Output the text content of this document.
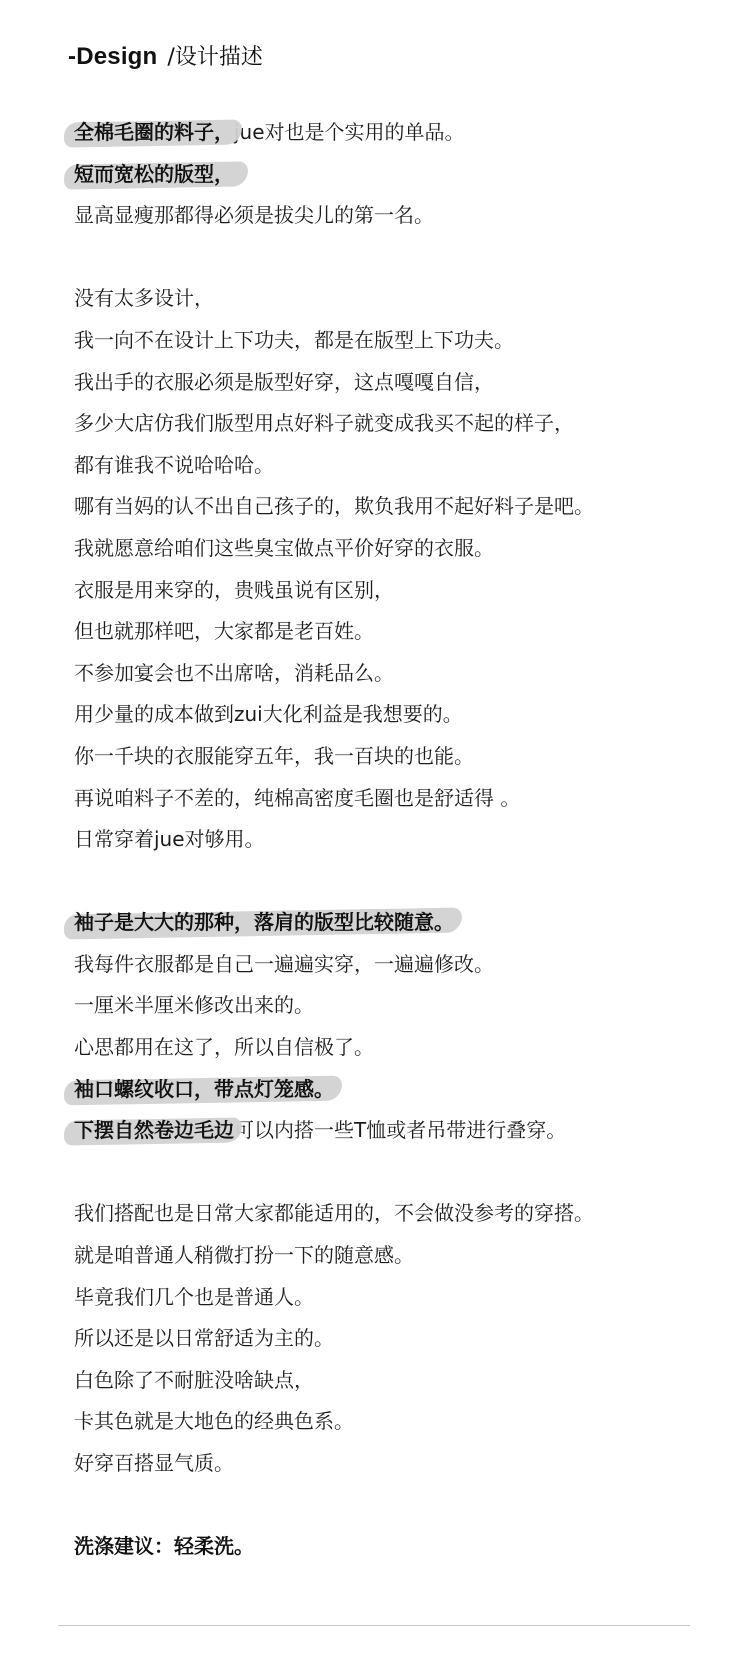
-Design /设计描述
全棉毛圈的料子，jue对也是个实用的单品。
短而宽松的版型，
显高显瘦那都得必须是拔尖儿的第一名。
没有太多设计，
我一向不在设计上下功夫，都是在版型上下功夫。
我出手的衣服必须是版型好穿，这点嘎嘎自信，
多少大店仿我们版型用点好料子就变成我买不起的样子，
都有谁我不说哈哈哈。
哪有当妈的认不出自己孩子的，欺负我用不起好料子是吧。
我就愿意给咱们这些臭宝做点平价好穿的衣服。
衣服是用来穿的，贵贱虽说有区别，
但也就那样吧，大家都是老百姓。
不参加宴会也不出席啥，消耗品么。
用少量的成本做到zui大化利益是我想要的。
你一千块的衣服能穿五年，我一百块的也能。
再说咱料子不差的，纯棉高密度毛圈也是舒适得 。
日常穿着jue对够用。
袖子是大大的那种，落肩的版型比较随意。
我每件衣服都是自己一遍遍实穿，一遍遍修改。
一厘米半厘米修改出来的。
心思都用在这了，所以自信极了。
袖口螺纹收口，带点灯笼感。
下摆自然卷边毛边可以内搭一些T恤或者吊带进行叠穿。
我们搭配也是日常大家都能适用的，不会做没参考的穿搭。
就是咱普通人稍微打扮一下的随意感。
毕竟我们几个也是普通人。
所以还是以日常舒适为主的。
白色除了不耐脏没啥缺点，
卡其色就是大地色的经典色系。
好穿百搭显气质。
洗涤建议：轻柔洗。
